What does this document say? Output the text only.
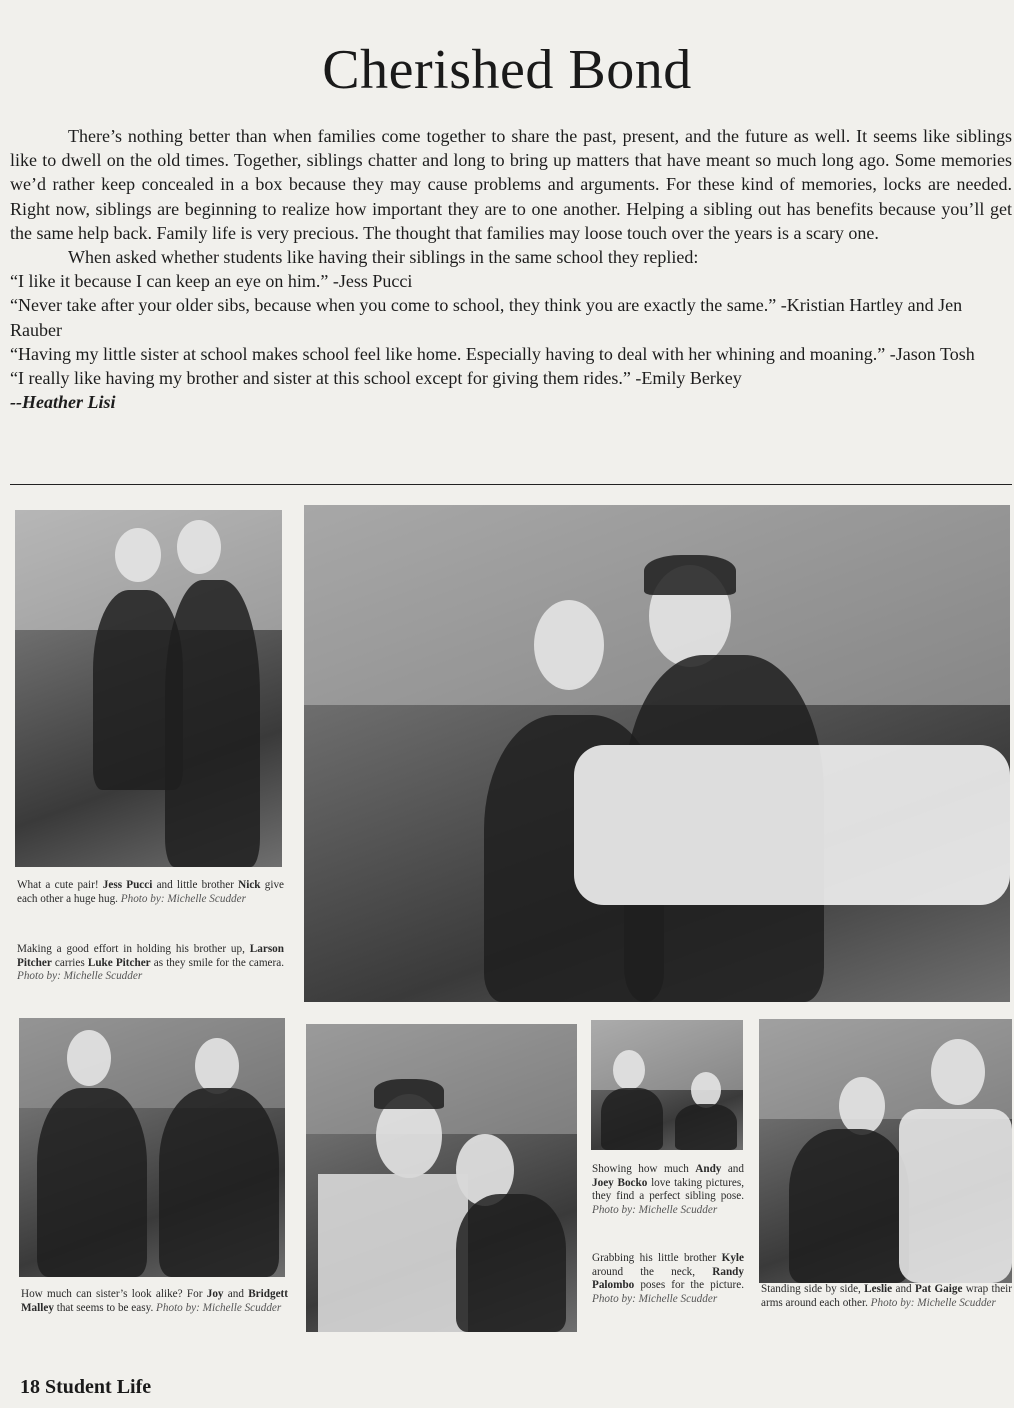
Cherished Bond
There’s nothing better than when families come together to share the past, present, and the future as well. It seems like siblings like to dwell on the old times. Together, siblings chatter and long to bring up matters that have meant so much long ago. Some memories we’d rather keep concealed in a box because they may cause problems and arguments. For these kind of memories, locks are needed. Right now, siblings are beginning to realize how important they are to one another. Helping a sibling out has benefits because you’ll get the same help back. Family life is very precious. The thought that families may loose touch over the years is a scary one.
When asked whether students like having their siblings in the same school they replied:
“I like it because I can keep an eye on him.” -Jess Pucci
“Never take after your older sibs, because when you come to school, they think you are exactly the same.” -Kristian Hartley and Jen Rauber
“Having my little sister at school makes school feel like home. Especially having to deal with her whining and moaning.” -Jason Tosh
“I really like having my brother and sister at this school except for giving them rides.” -Emily Berkey
--Heather Lisi
What a cute pair! Jess Pucci and little brother Nick give each other a huge hug. Photo by: Michelle Scudder
Making a good effort in holding his brother up, Larson Pitcher carries Luke Pitcher as they smile for the camera. Photo by: Michelle Scudder
How much can sister’s look alike? For Joy and Bridgett Malley that seems to be easy. Photo by: Michelle Scudder
Showing how much Andy and Joey Bocko love taking pictures, they find a perfect sibling pose. Photo by: Michelle Scudder
Grabbing his little brother Kyle around the neck, Randy Palombo poses for the picture. Photo by: Michelle Scudder
Standing side by side, Leslie and Pat Gaige wrap their arms around each other. Photo by: Michelle Scudder
18 Student Life
